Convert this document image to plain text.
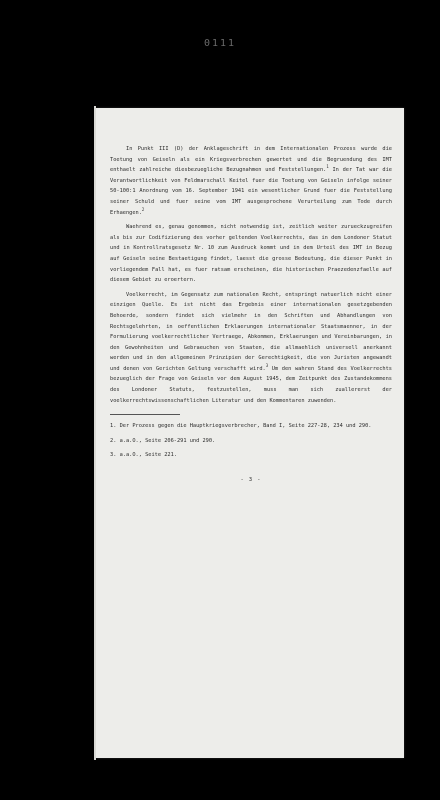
0111

In Punkt III (D) der Anklageschrift in dem Internationalen Prozess wurde die Toetung von Geiseln als ein Kriegsverbrechen gewertet und die Begruendung des IMT enthaelt zahlreiche diesbezuegliche Bezugnahmen und Feststellungen.$^1$ In der Tat war die Verantwortlichkeit von Feldmarschall Keitel fuer die Toetung von Geiseln infolge seiner 50-100:1 Anordnung vom 16. September 1941 ein wesentlicher Grund fuer die Feststellung seiner Schuld und fuer seine vom IMT ausgesprochene Verurteilung zum Tode durch Erhaengen.$^2$

Waehrend es, genau genommen, nicht notwendig ist, zeitlich weiter zurueckzugreifen als bis zur Codifizierung des vorher geltenden Voelkerrechts, das in dem Londoner Statut und in Kontrollratsgesetz Nr. 10 zum Ausdruck kommt und in dem Urteil des IMT in Bezug auf Geiseln seine Bestaetigung findet, laesst die grosse Bedeutung, die dieser Punkt in vorliegendem Fall hat, es fuer ratsam erscheinen, die historischen Praezedenzfaelle auf diesem Gebiet zu eroertern.

Voelkerrecht, im Gegensatz zum nationalen Recht, entspringt natuerlich nicht einer einzigen Quelle. Es ist nicht das Ergebnis einer internationalen gesetzgebenden Behoerde, sondern findet sich vielmehr in den Schriften und Abhandlungen von Rechtsgelehrten, in oeffentlichen Erklaerungen internationaler Staatsmaenner, in der Formulierung voelkerrechtlicher Vertraege, Abkommen, Erklaerungen und Vereinbarungen, in den Gewohnheiten und Gebraeuchen von Staaten, die allmaehlich universell anerkannt werden und in den allgemeinen Prinzipien der Gerechtigkeit, die von Juristen angewandt und denen von Gerichten Geltung verschafft wird.$^3$ Um den wahren Stand des Voelkerrechts bezueglich der Frage von Geiseln vor dem August 1945, dem Zeitpunkt des Zustandekommens des Londoner Statuts, festzustellen, muss man sich zuallererst der voelkerrechtswissenschaftlichen Literatur und den Kommentaren zuwenden.

1. Der Prozess gegen die Hauptkriegsverbrecher, Band I, Seite 227-28, 234 und 290.

2. a.a.O., Seite 206-291 und 290.

3. a.a.O., Seite 221.

- 3 -
